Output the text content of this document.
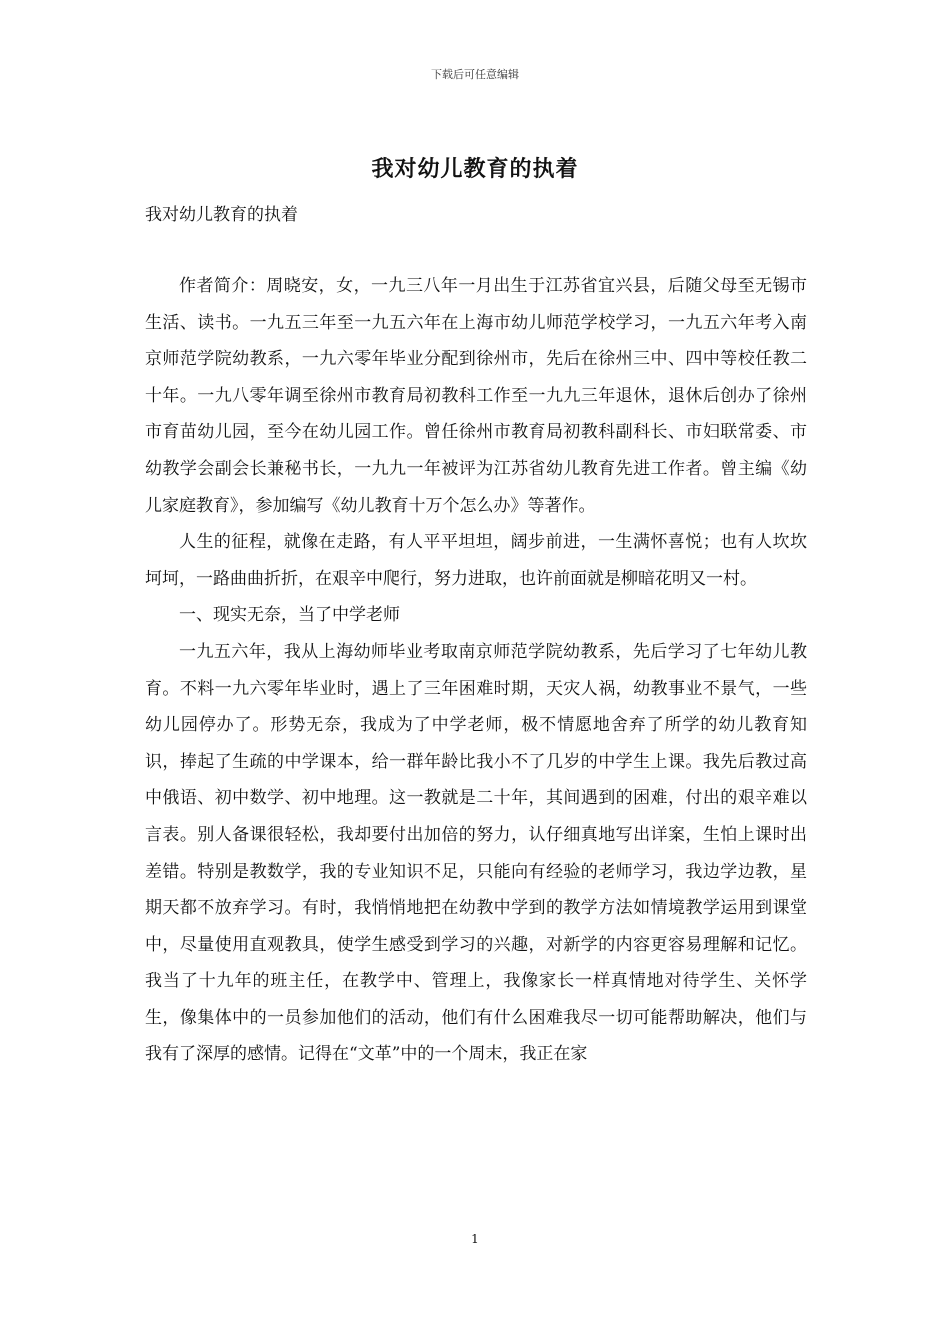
下载后可任意编辑
我对幼儿教育的执着
我对幼儿教育的执着

作者简介：周晓安，女，一九三八年一月出生于江苏省宜兴县，后随父母至无锡市生活、读书。一九五三年至一九五六年在上海市幼儿师范学校学习，一九五六年考入南京师范学院幼教系，一九六零年毕业分配到徐州市，先后在徐州三中、四中等校任教二十年。一九八零年调至徐州市教育局初教科工作至一九九三年退休，退休后创办了徐州市育苗幼儿园，至今在幼儿园工作。曾任徐州市教育局初教科副科长、市妇联常委、市幼教学会副会长兼秘书长，一九九一年被评为江苏省幼儿教育先进工作者。曾主编《幼儿家庭教育》，参加编写《幼儿教育十万个怎么办》等著作。

人生的征程，就像在走路，有人平平坦坦，阔步前进，一生满怀喜悦；也有人坎坎坷坷，一路曲曲折折，在艰辛中爬行，努力进取，也许前面就是柳暗花明又一村。

一、现实无奈，当了中学老师

一九五六年，我从上海幼师毕业考取南京师范学院幼教系，先后学习了七年幼儿教育。不料一九六零年毕业时，遇上了三年困难时期，天灾人祸，幼教事业不景气，一些幼儿园停办了。形势无奈，我成为了中学老师，极不情愿地舍弃了所学的幼儿教育知识，捧起了生疏的中学课本，给一群年龄比我小不了几岁的中学生上课。我先后教过高中俄语、初中数学、初中地理。这一教就是二十年，其间遇到的困难，付出的艰辛难以言表。别人备课很轻松，我却要付出加倍的努力，认仔细真地写出详案，生怕上课时出差错。特别是教数学，我的专业知识不足，只能向有经验的老师学习，我边学边教，星期天都不放弃学习。有时，我悄悄地把在幼教中学到的教学方法如情境教学运用到课堂中，尽量使用直观教具，使学生感受到学习的兴趣，对新学的内容更容易理解和记忆。我当了十九年的班主任，在教学中、管理上，我像家长一样真情地对待学生、关怀学生，像集体中的一员参加他们的活动，他们有什么困难我尽一切可能帮助解决，他们与我有了深厚的感情。记得在“文革”中的一个周末，我正在家

1
